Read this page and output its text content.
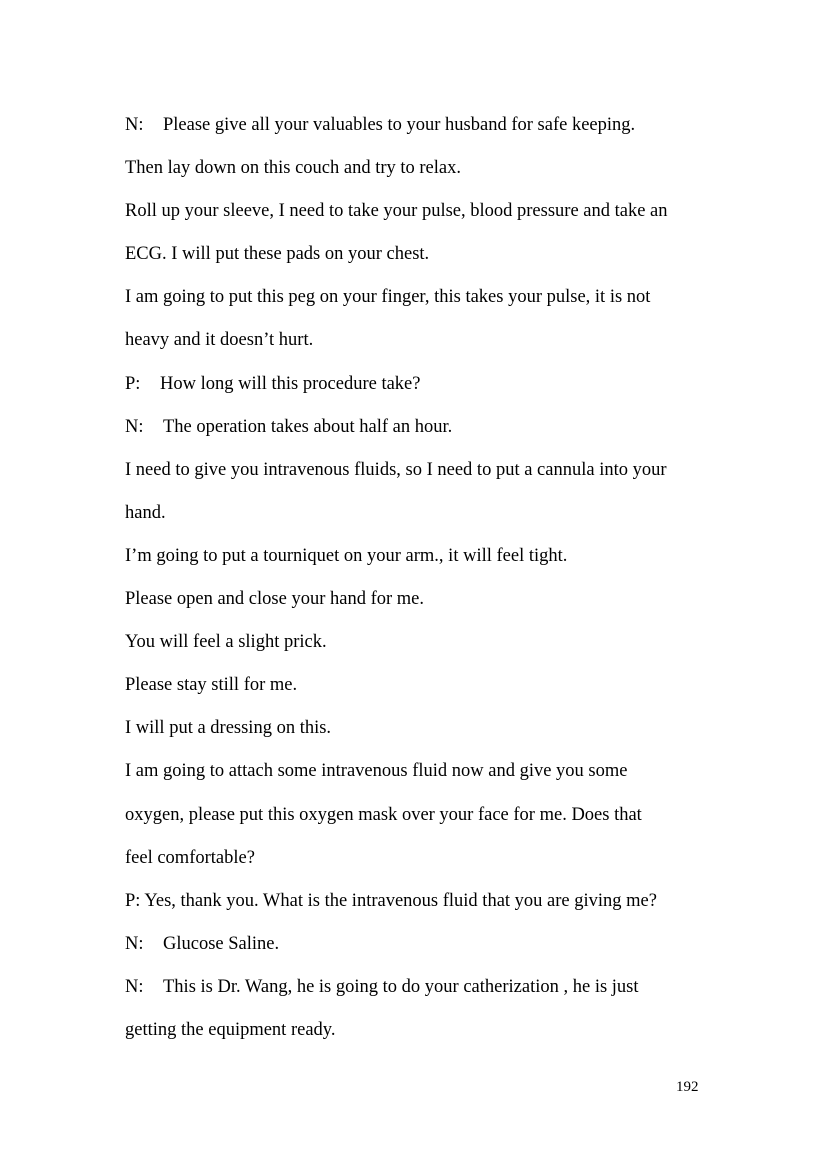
N: Please give all your valuables to your husband for safe keeping.
Then lay down on this couch and try to relax.
Roll up your sleeve, I need to take your pulse, blood pressure and take an
ECG. I will put these pads on your chest.
I am going to put this peg on your finger, this takes your pulse, it is not
heavy and it doesn’t hurt.
P: How long will this procedure take?
N: The operation takes about half an hour.
I need to give you intravenous fluids, so I need to put a cannula into your
hand.
I’m going to put a tourniquet on your arm., it will feel tight.
Please open and close your hand for me.
You will feel a slight prick.
Please stay still for me.
I will put a dressing on this.
I am going to attach some intravenous fluid now and give you some
oxygen, please put this oxygen mask over your face for me. Does that
feel comfortable?
P: Yes, thank you. What is the intravenous fluid that you are giving me?
N: Glucose Saline.
N: This is Dr. Wang, he is going to do your catherization , he is just
getting the equipment ready.
192
